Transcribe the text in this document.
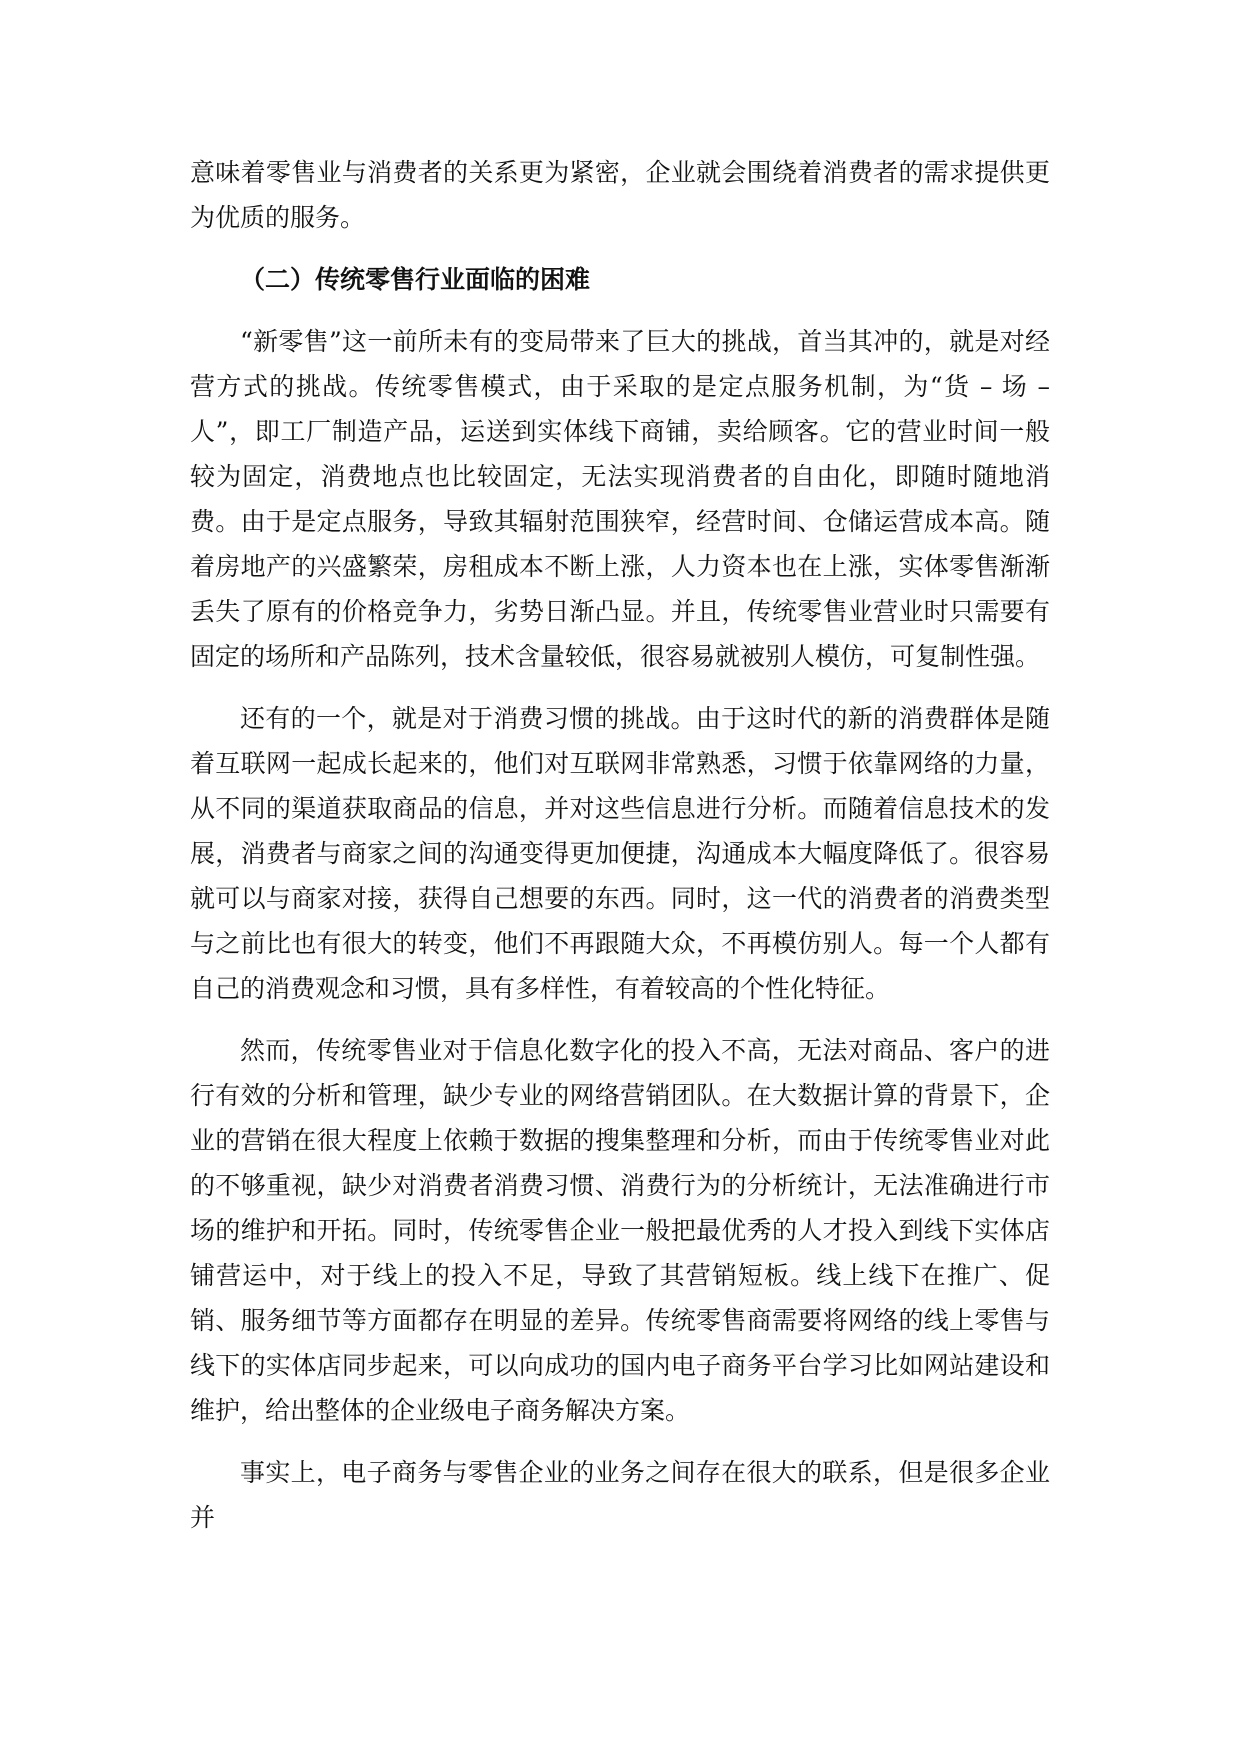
意味着零售业与消费者的关系更为紧密，企业就会围绕着消费者的需求提供更为优质的服务。

（二）传统零售行业面临的困难

“新零售”这一前所未有的变局带来了巨大的挑战，首当其冲的，就是对经营方式的挑战。传统零售模式，由于采取的是定点服务机制，为“货 – 场 – 人”，即工厂制造产品，运送到实体线下商铺，卖给顾客。它的营业时间一般较为固定，消费地点也比较固定，无法实现消费者的自由化，即随时随地消费。由于是定点服务，导致其辐射范围狭窄，经营时间、仓储运营成本高。随着房地产的兴盛繁荣，房租成本不断上涨，人力资本也在上涨，实体零售渐渐丢失了原有的价格竞争力，劣势日渐凸显。并且，传统零售业营业时只需要有固定的场所和产品陈列，技术含量较低，很容易就被别人模仿，可复制性强。

还有的一个，就是对于消费习惯的挑战。由于这时代的新的消费群体是随着互联网一起成长起来的，他们对互联网非常熟悉，习惯于依靠网络的力量，从不同的渠道获取商品的信息，并对这些信息进行分析。而随着信息技术的发展，消费者与商家之间的沟通变得更加便捷，沟通成本大幅度降低了。很容易就可以与商家对接，获得自己想要的东西。同时，这一代的消费者的消费类型与之前比也有很大的转变，他们不再跟随大众，不再模仿别人。每一个人都有自己的消费观念和习惯，具有多样性，有着较高的个性化特征。

然而，传统零售业对于信息化数字化的投入不高，无法对商品、客户的进行有效的分析和管理，缺少专业的网络营销团队。在大数据计算的背景下，企业的营销在很大程度上依赖于数据的搜集整理和分析，而由于传统零售业对此的不够重视，缺少对消费者消费习惯、消费行为的分析统计，无法准确进行市场的维护和开拓。同时，传统零售企业一般把最优秀的人才投入到线下实体店铺营运中，对于线上的投入不足，导致了其营销短板。线上线下在推广、促销、服务细节等方面都存在明显的差异。传统零售商需要将网络的线上零售与线下的实体店同步起来，可以向成功的国内电子商务平台学习比如网站建设和维护，给出整体的企业级电子商务解决方案。

事实上，电子商务与零售企业的业务之间存在很大的联系，但是很多企业并
